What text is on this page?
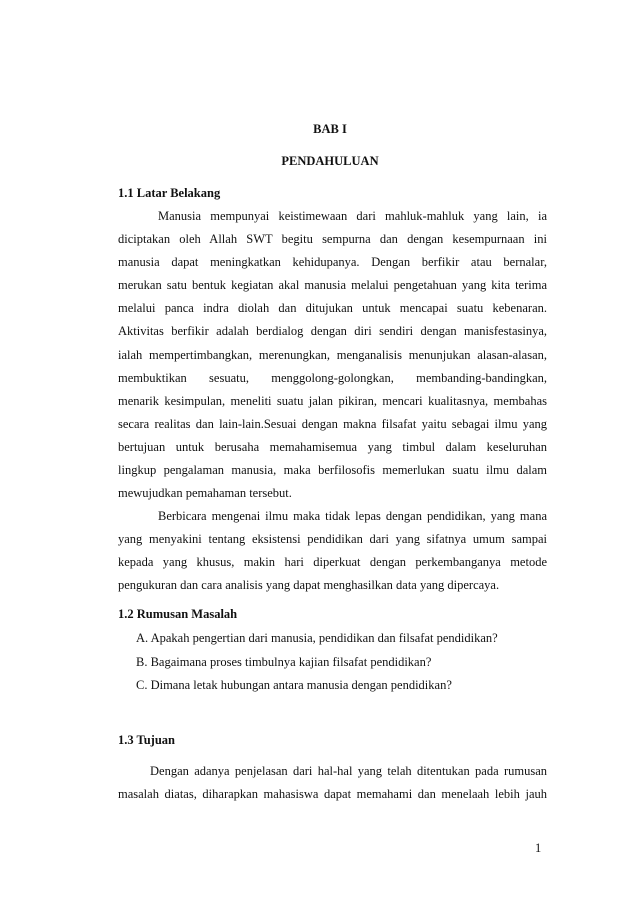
BAB I
PENDAHULUAN
1.1 Latar Belakang
Manusia mempunyai keistimewaan dari mahluk-mahluk yang lain, ia
diciptakan oleh Allah SWT begitu sempurna dan dengan kesempurnaan ini
manusia dapat meningkatkan kehidupanya. Dengan berfikir atau bernalar,
merukan satu bentuk kegiatan akal manusia melalui pengetahuan yang kita terima
melalui panca indra diolah dan ditujukan untuk mencapai suatu kebenaran.
Aktivitas berfikir adalah berdialog dengan diri sendiri dengan manisfestasinya,
ialah mempertimbangkan, merenungkan, menganalisis menunjukan alasan-alasan,
membuktikan sesuatu, menggolong-golongkan, membanding-bandingkan,
menarik kesimpulan, meneliti suatu jalan pikiran, mencari kualitasnya, membahas
secara realitas dan lain-lain.Sesuai dengan makna filsafat yaitu sebagai ilmu yang
bertujuan untuk berusaha memahamisemua yang timbul dalam keseluruhan
lingkup pengalaman manusia, maka berfilosofis memerlukan suatu ilmu dalam
mewujudkan pemahaman tersebut.
Berbicara mengenai ilmu maka tidak lepas dengan pendidikan, yang mana
yang menyakini tentang eksistensi pendidikan dari yang sifatnya umum sampai
kepada yang khusus, makin hari diperkuat dengan perkembanganya metode
pengukuran dan cara analisis yang dapat menghasilkan data yang dipercaya.
1.2 Rumusan Masalah
A. Apakah pengertian dari manusia, pendidikan dan filsafat pendidikan?
B. Bagaimana proses timbulnya kajian filsafat pendidikan?
C. Dimana letak hubungan antara manusia dengan pendidikan?
1.3 Tujuan
Dengan adanya penjelasan dari hal-hal yang telah ditentukan pada rumusan
masalah diatas, diharapkan mahasiswa dapat memahami dan menelaah lebih jauh
1
